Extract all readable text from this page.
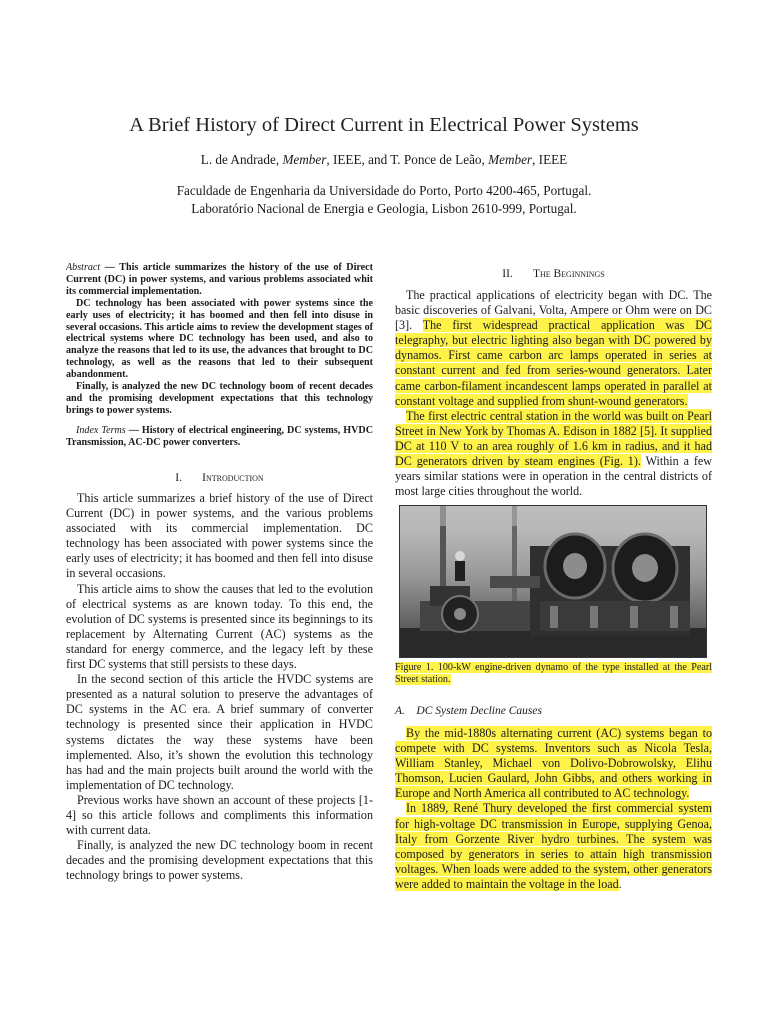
A Brief History of Direct Current in Electrical Power Systems
L. de Andrade, Member, IEEE, and T. Ponce de Leão, Member, IEEE
Faculdade de Engenharia da Universidade do Porto, Porto 4200-465, Portugal.
Laboratório Nacional de Energia e Geologia, Lisbon 2610-999, Portugal.

Abstract — This article summarizes the history of the use of Direct Current (DC) in power systems, and various problems associated whit its commercial implementation.

DC technology has been associated with power systems since the early uses of electricity; it has boomed and then fell into disuse in several occasions. This article aims to review the development stages of electrical systems where DC technology has been used, and also to analyze the reasons that led to its use, the advances that brought to DC technology, as well as the reasons that led to their subsequent abandonment.

Finally, is analyzed the new DC technology boom of recent decades and the promising development expectations that this technology brings to power systems.

Index Terms — History of electrical engineering, DC systems, HVDC Transmission, AC-DC power converters.
I. Introduction

This article summarizes a brief history of the use of Direct Current (DC) in power systems, and the various problems associated with its commercial implementation. DC technology has been associated with power systems since the early uses of electricity; it has boomed and then fell into disuse in several occasions.

This article aims to show the causes that led to the evolution of electrical systems as are known today. To this end, the evolution of DC systems is presented since its beginnings to its replacement by Alternating Current (AC) systems as the standard for energy commerce, and the legacy left by these first DC systems that still persists to these days.

In the second section of this article the HVDC systems are presented as a natural solution to preserve the advantages of DC systems in the AC era. A brief summary of converter technology is presented since their application in HVDC systems dictates the way these systems have been implemented. Also, it’s shown the evolution this technology has had and the main projects built around the world with the implementation of DC technology.

Previous works have shown an account of these projects [1-4] so this article follows and compliments this information with current data.

Finally, is analyzed the new DC technology boom in recent decades and the promising development expectations that this technology brings to power systems.

II. The Beginnings

The practical applications of electricity began with DC. The basic discoveries of Galvani, Volta, Ampere or Ohm were on DC [3]. The first widespread practical application was DC telegraphy, but electric lighting also began with DC powered by dynamos. First came carbon arc lamps operated in series at constant current and fed from series-wound generators. Later came carbon-filament incandescent lamps operated in parallel at constant voltage and supplied from shunt-wound generators.

The first electric central station in the world was built on Pearl Street in New York by Thomas A. Edison in 1882 [5]. It supplied DC at 110 V to an area roughly of 1.6 km in radius, and it had DC generators driven by steam engines (Fig. 1). Within a few years similar stations were in operation in the central districts of most large cities throughout the world.

Figure 1. 100-kW engine-driven dynamo of the type installed at the Pearl Street station.
A. DC System Decline Causes

By the mid-1880s alternating current (AC) systems began to compete with DC systems. Inventors such as Nicola Tesla, William Stanley, Michael von Dolivo-Dobrowolsky, Elihu Thomson, Lucien Gaulard, John Gibbs, and others working in Europe and North America all contributed to AC technology.

In 1889, René Thury developed the first commercial system for high-voltage DC transmission in Europe, supplying Genoa, Italy from Gorzente River hydro turbines. The system was composed by generators in series to attain high transmission voltages. When loads were added to the system, other generators were added to maintain the voltage in the load.
